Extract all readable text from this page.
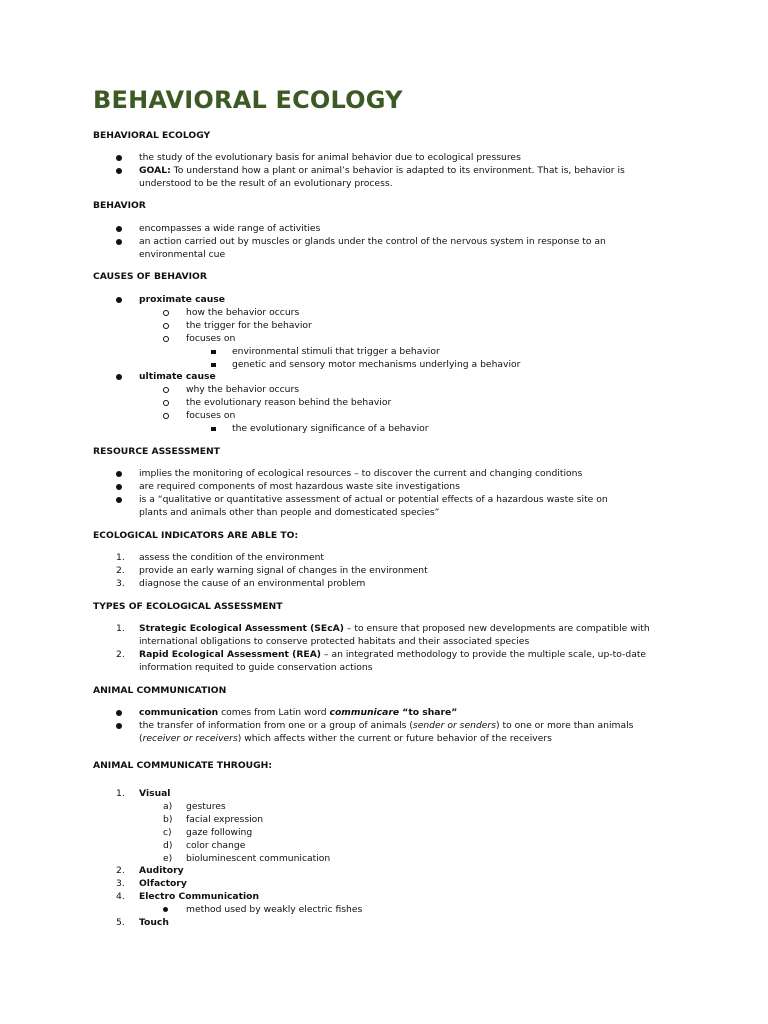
BEHAVIORAL ECOLOGY
BEHAVIORAL ECOLOGY
the study of the evolutionary basis for animal behavior due to ecological pressures
GOAL: To understand how a plant or animal’s behavior is adapted to its environment. That is, behavior is
understood to be the result of an evolutionary process.
BEHAVIOR
encompasses a wide range of activities
an action carried out by muscles or glands under the control of the nervous system in response to an
environmental cue
CAUSES OF BEHAVIOR
proximate cause
how the behavior occurs
the trigger for the behavior
focuses on
environmental stimuli that trigger a behavior
genetic and sensory motor mechanisms underlying a behavior
ultimate cause
why the behavior occurs
the evolutionary reason behind the behavior
focuses on
the evolutionary significance of a behavior
RESOURCE ASSESSMENT
implies the monitoring of ecological resources – to discover the current and changing conditions
are required components of most hazardous waste site investigations
is a “qualitative or quantitative assessment of actual or potential effects of a hazardous waste site on
plants and animals other than people and domesticated species”
ECOLOGICAL INDICATORS ARE ABLE TO:
1. assess the condition of the environment
2. provide an early warning signal of changes in the environment
3. diagnose the cause of an environmental problem
TYPES OF ECOLOGICAL ASSESSMENT
1. Strategic Ecological Assessment (SEcA) – to ensure that proposed new developments are compatible with
international obligations to conserve protected habitats and their associated species
2. Rapid Ecological Assessment (REA) – an integrated methodology to provide the multiple scale, up-to-date
information requited to guide conservation actions
ANIMAL COMMUNICATION
communication comes from Latin word communicare “to share”
the transfer of information from one or a group of animals (sender or senders) to one or more than animals
(receiver or receivers) which affects wither the current or future behavior of the receivers
ANIMAL COMMUNICATE THROUGH:
1. Visual
a) gestures
b) facial expression
c) gaze following
d) color change
e) bioluminescent communication
2. Auditory
3. Olfactory
4. Electro Communication
method used by weakly electric fishes
5. Touch
